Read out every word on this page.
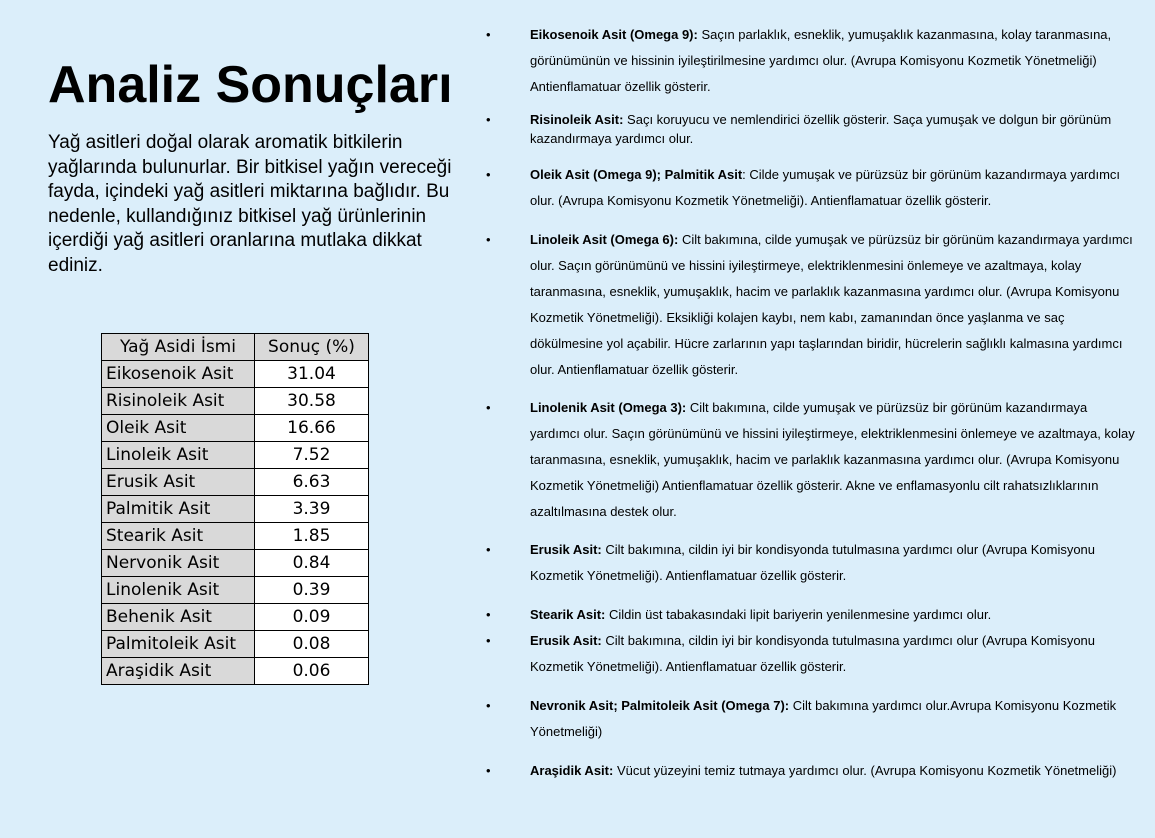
Analiz Sonuçları

Yağ asitleri doğal olarak aromatik bitkilerin yağlarında bulunurlar. Bir bitkisel yağın vereceği fayda, içindeki yağ asitleri miktarına bağlıdır. Bu nedenle, kullandığınız bitkisel yağ ürünlerinin içerdiği yağ asitleri oranlarına mutlaka dikkat ediniz.

Yağ Asidi İsmi	Sonuç (%)
Eikosenoik Asit	31.04
Risinoleik Asit	30.58
Oleik Asit	16.66
Linoleik Asit	7.52
Erusik Asit	6.63
Palmitik Asit	3.39
Stearik Asit	1.85
Nervonik Asit	0.84
Linolenik Asit	0.39
Behenik Asit	0.09
Palmitoleik Asit	0.08
Araşidik Asit	0.06
•	Eikosenoik Asit (Omega 9): Saçın parlaklık, esneklik, yumuşaklık kazanmasına, kolay taranmasına, görünümünün ve hissinin iyileştirilmesine yardımcı olur. (Avrupa Komisyonu Kozmetik Yönetmeliği) Antienflamatuar özellik gösterir.

•	Risinoleik Asit: Saçı koruyucu ve nemlendirici özellik gösterir. Saça yumuşak ve dolgun bir görünüm kazandırmaya yardımcı olur.

•	Oleik Asit (Omega 9); Palmitik Asit: Cilde yumuşak ve pürüzsüz bir görünüm kazandırmaya yardımcı olur. (Avrupa Komisyonu Kozmetik Yönetmeliği). Antienflamatuar özellik gösterir.

•	Linoleik Asit (Omega 6): Cilt bakımına, cilde yumuşak ve pürüzsüz bir görünüm kazandırmaya yardımcı olur. Saçın görünümünü ve hissini iyileştirmeye, elektriklenmesini önlemeye ve azaltmaya, kolay taranmasına, esneklik, yumuşaklık, hacim ve parlaklık kazanmasına yardımcı olur. (Avrupa Komisyonu Kozmetik Yönetmeliği). Eksikliği kolajen kaybı, nem kabı, zamanından önce yaşlanma ve saç dökülmesine yol açabilir. Hücre zarlarının yapı taşlarından biridir, hücrelerin sağlıklı kalmasına yardımcı olur. Antienflamatuar özellik gösterir.

•	Linolenik Asit (Omega 3): Cilt bakımına, cilde yumuşak ve pürüzsüz bir görünüm kazandırmaya yardımcı olur. Saçın görünümünü ve hissini iyileştirmeye, elektriklenmesini önlemeye ve azaltmaya, kolay taranmasına, esneklik, yumuşaklık, hacim ve parlaklık kazanmasına yardımcı olur. (Avrupa Komisyonu Kozmetik Yönetmeliği) Antienflamatuar özellik gösterir. Akne ve enflamasyonlu cilt rahatsızlıklarının azaltılmasına destek olur.

•	Erusik Asit: Cilt bakımına, cildin iyi bir kondisyonda tutulmasına yardımcı olur (Avrupa Komisyonu Kozmetik Yönetmeliği). Antienflamatuar özellik gösterir.

•	Stearik Asit: Cildin üst tabakasındaki lipit bariyerin yenilenmesine yardımcı olur.

•	Erusik Asit: Cilt bakımına, cildin iyi bir kondisyonda tutulmasına yardımcı olur (Avrupa Komisyonu Kozmetik Yönetmeliği). Antienflamatuar özellik gösterir.

•	Nevronik Asit; Palmitoleik Asit (Omega 7): Cilt bakımına yardımcı olur.Avrupa Komisyonu Kozmetik Yönetmeliği)

•	Araşidik Asit: Vücut yüzeyini temiz tutmaya yardımcı olur. (Avrupa Komisyonu Kozmetik Yönetmeliği)
